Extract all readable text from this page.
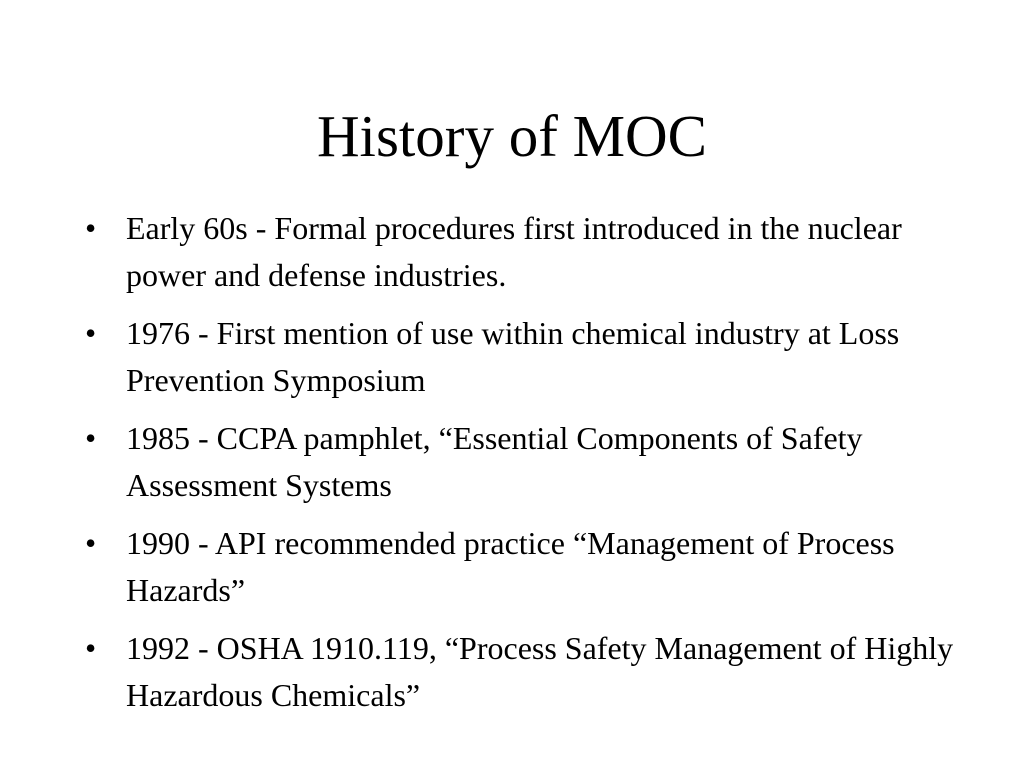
History of MOC
• Early 60s - Formal procedures first introduced in the nuclear power and defense industries.
• 1976 - First mention of use within chemical industry at Loss Prevention Symposium
• 1985 - CCPA pamphlet, “Essential Components of Safety Assessment Systems
• 1990 - API recommended practice “Management of Process Hazards”
• 1992 - OSHA 1910.119, “Process Safety Management of Highly Hazardous Chemicals”
